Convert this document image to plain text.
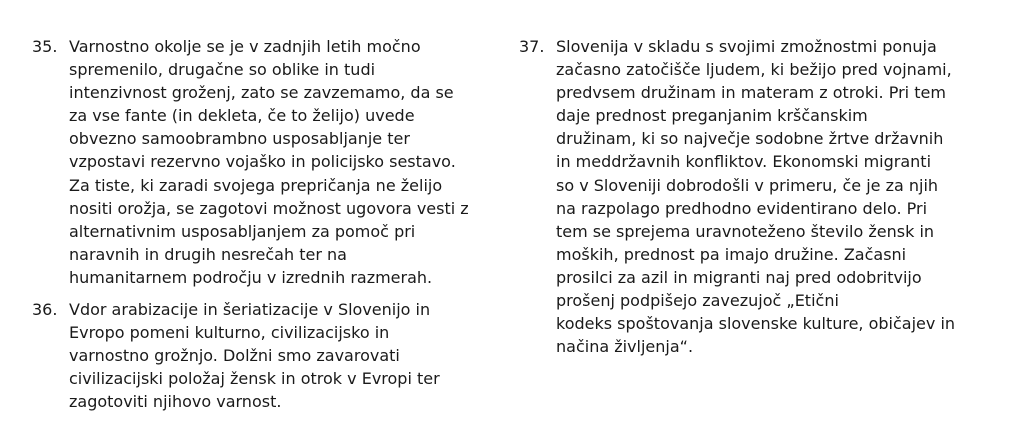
35. Varnostno okolje se je v zadnjih letih močno
spremenilo, drugačne so oblike in tudi
intenzivnost groženj, zato se zavzemamo, da se
za vse fante (in dekleta, če to želijo) uvede
obvezno samoobrambno usposabljanje ter
vzpostavi rezervno vojaško in policijsko sestavo.
Za tiste, ki zaradi svojega prepričanja ne želijo
nositi orožja, se zagotovi možnost ugovora vesti z
alternativnim usposabljanjem za pomoč pri
naravnih in drugih nesrečah ter na
humanitarnem področju v izrednih razmerah.
36. Vdor arabizacije in šeriatizacije v Slovenijo in
Evropo pomeni kulturno, civilizacijsko in
varnostno grožnjo. Dolžni smo zavarovati
civilizacijski položaj žensk in otrok v Evropi ter
zagotoviti njihovo varnost.
37. Slovenija v skladu s svojimi zmožnostmi ponuja
začasno zatočišče ljudem, ki bežijo pred vojnami,
predvsem družinam in materam z otroki. Pri tem
daje prednost preganjanim krščanskim
družinam, ki so največje sodobne žrtve državnih
in meddržavnih konfliktov. Ekonomski migranti
so v Sloveniji dobrodošli v primeru, če je za njih
na razpolago predhodno evidentirano delo. Pri
tem se sprejema uravnoteženo število žensk in
moških, prednost pa imajo družine. Začasni
prosilci za azil in migranti naj pred odobritvijo
prošenj podpišejo zavezujoč „Etični
kodeks spoštovanja slovenske kulture, običajev in
načina življenja“.
